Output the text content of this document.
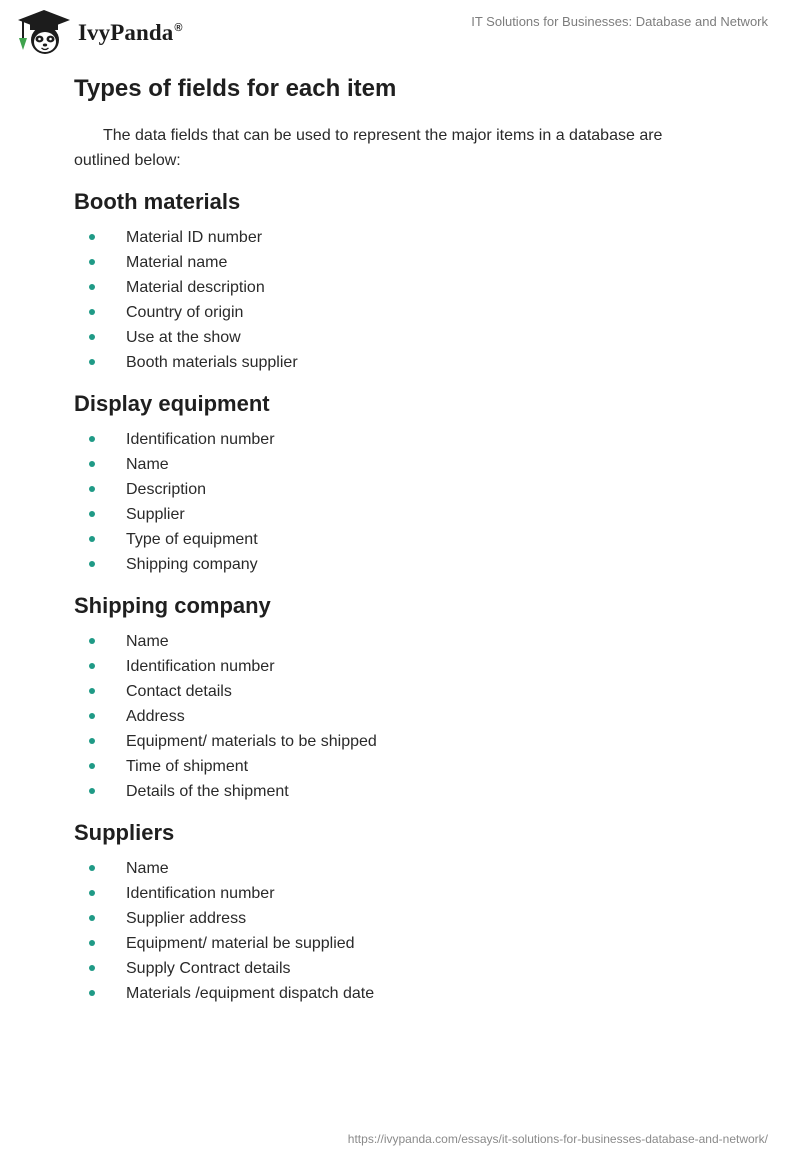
IvyPanda®	IT Solutions for Businesses: Database and Network
Types of fields for each item

The data fields that can be used to represent the major items in a database are outlined below:

Booth materials
Material ID number
Material name
Material description
Country of origin
Use at the show
Booth materials supplier
Display equipment
Identification number
Name
Description
Supplier
Type of equipment
Shipping company
Shipping company
Name
Identification number
Contact details
Address
Equipment/ materials to be shipped
Time of shipment
Details of the shipment
Suppliers
Name
Identification number
Supplier address
Equipment/ material be supplied
Supply Contract details
Materials /equipment dispatch date
https://ivypanda.com/essays/it-solutions-for-businesses-database-and-network/
